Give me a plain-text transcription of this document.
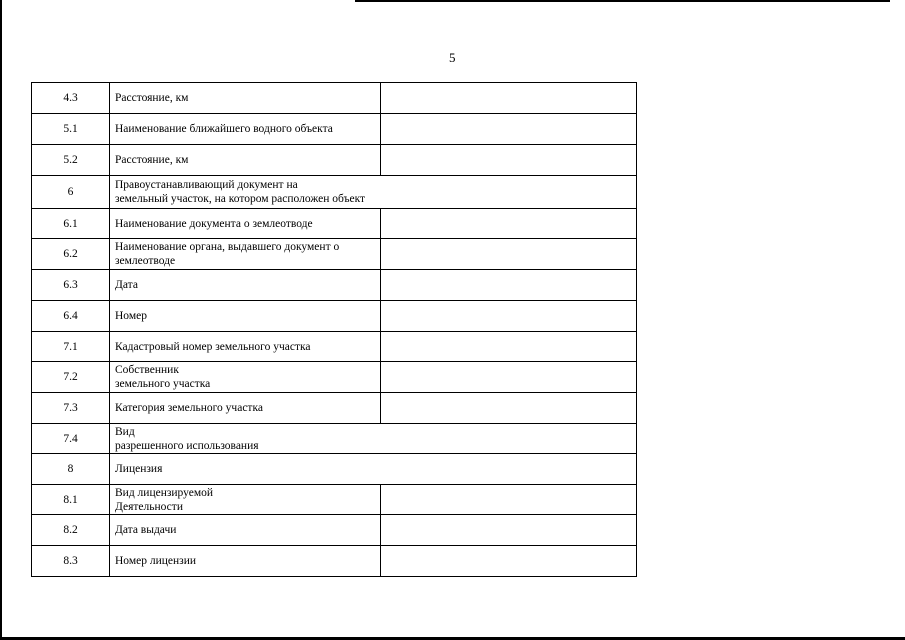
5
4.3	Расстояние, км	

5.1	Наименование ближайшего водного объекта	

5.2	Расстояние, км	

6	Правоустанавливающий документ на
земельный участок, на котором расположен объект	

6.1	Наименование документа о землеотводе	

6.2	Наименование органа, выдавшего документ о
землеотводе	

6.3	Дата	

6.4	Номер	

7.1	Кадастровый номер земельного участка	

7.2	Собственник
земельного участка	

7.3	Категория земельного участка	

7.4	Вид
разрешенного использования	

8	Лицензия	

8.1	Вид лицензируемой
Деятельности	

8.2	Дата выдачи	

8.3	Номер лицензии	
